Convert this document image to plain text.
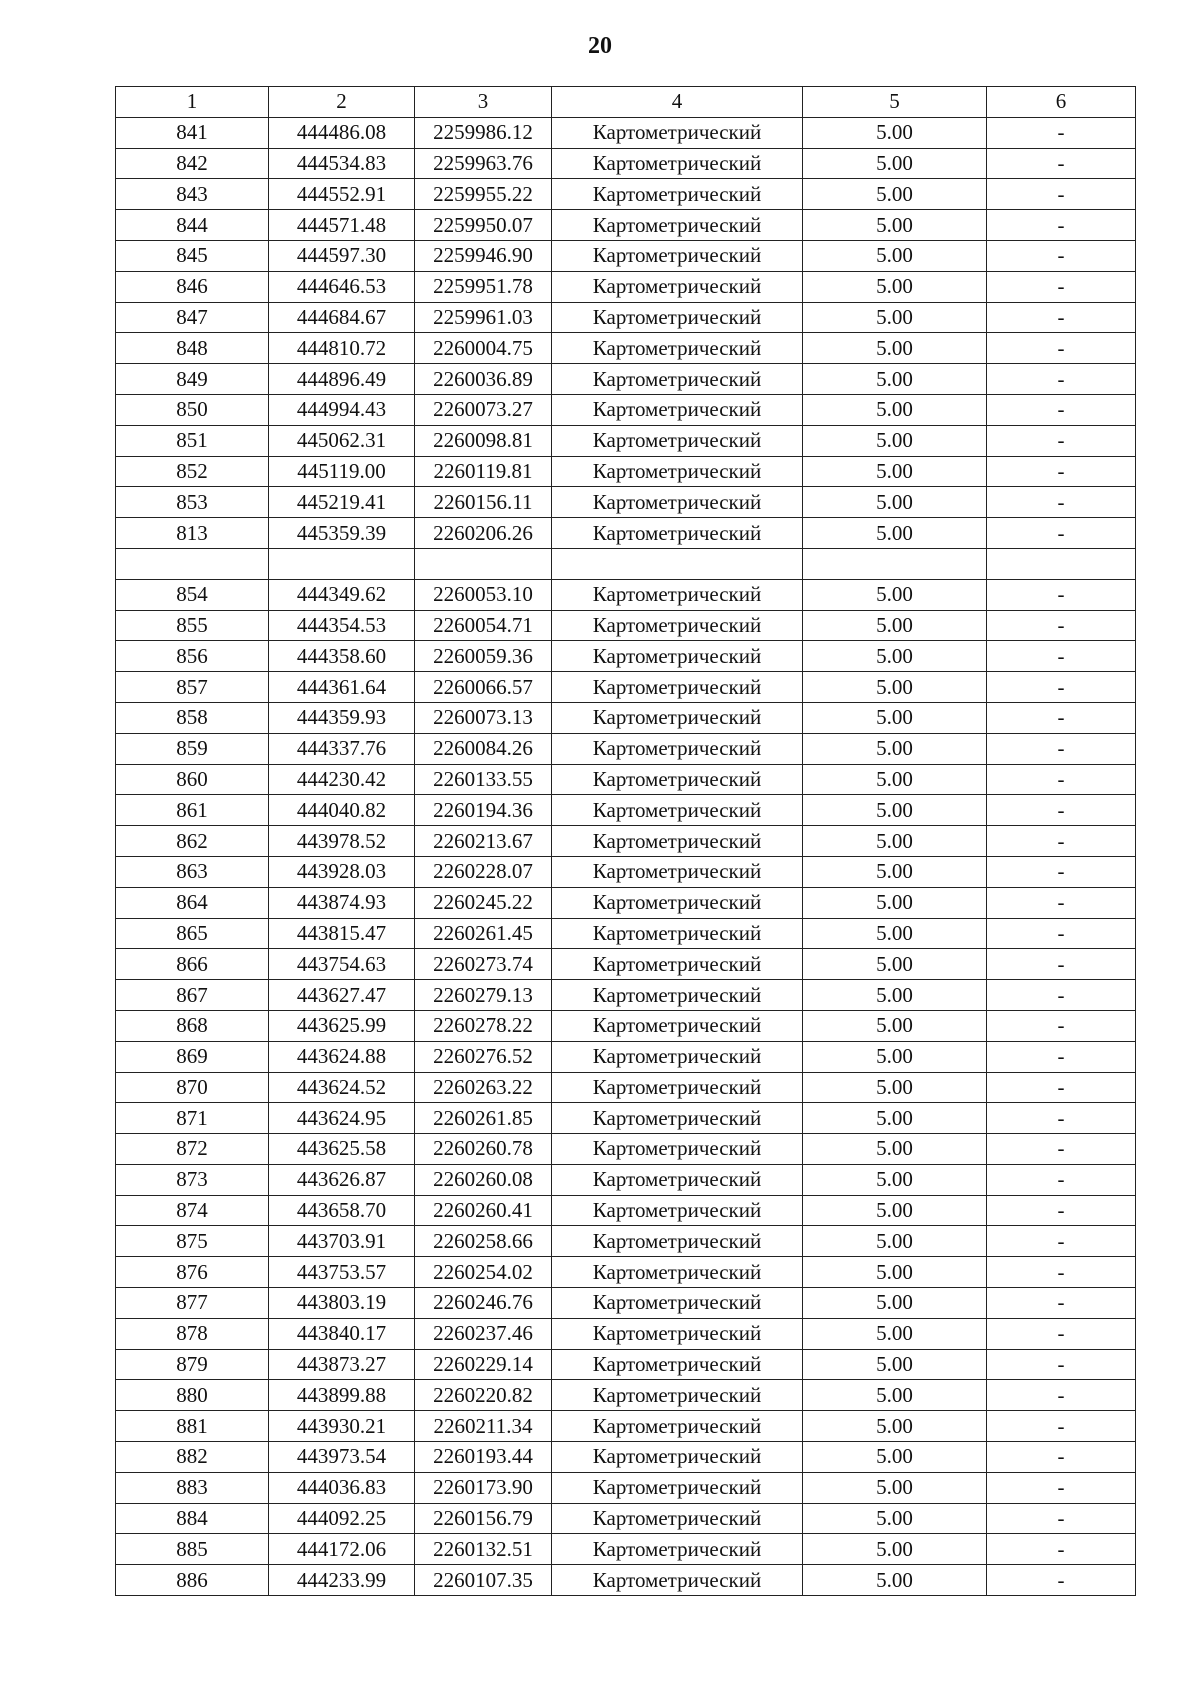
20
1	2	3	4	5	6
841	444486.08	2259986.12	Картометрический	5.00	-
842	444534.83	2259963.76	Картометрический	5.00	-
843	444552.91	2259955.22	Картометрический	5.00	-
844	444571.48	2259950.07	Картометрический	5.00	-
845	444597.30	2259946.90	Картометрический	5.00	-
846	444646.53	2259951.78	Картометрический	5.00	-
847	444684.67	2259961.03	Картометрический	5.00	-
848	444810.72	2260004.75	Картометрический	5.00	-
849	444896.49	2260036.89	Картометрический	5.00	-
850	444994.43	2260073.27	Картометрический	5.00	-
851	445062.31	2260098.81	Картометрический	5.00	-
852	445119.00	2260119.81	Картометрический	5.00	-
853	445219.41	2260156.11	Картометрический	5.00	-
813	445359.39	2260206.26	Картометрический	5.00	-

854	444349.62	2260053.10	Картометрический	5.00	-
855	444354.53	2260054.71	Картометрический	5.00	-
856	444358.60	2260059.36	Картометрический	5.00	-
857	444361.64	2260066.57	Картометрический	5.00	-
858	444359.93	2260073.13	Картометрический	5.00	-
859	444337.76	2260084.26	Картометрический	5.00	-
860	444230.42	2260133.55	Картометрический	5.00	-
861	444040.82	2260194.36	Картометрический	5.00	-
862	443978.52	2260213.67	Картометрический	5.00	-
863	443928.03	2260228.07	Картометрический	5.00	-
864	443874.93	2260245.22	Картометрический	5.00	-
865	443815.47	2260261.45	Картометрический	5.00	-
866	443754.63	2260273.74	Картометрический	5.00	-
867	443627.47	2260279.13	Картометрический	5.00	-
868	443625.99	2260278.22	Картометрический	5.00	-
869	443624.88	2260276.52	Картометрический	5.00	-
870	443624.52	2260263.22	Картометрический	5.00	-
871	443624.95	2260261.85	Картометрический	5.00	-
872	443625.58	2260260.78	Картометрический	5.00	-
873	443626.87	2260260.08	Картометрический	5.00	-
874	443658.70	2260260.41	Картометрический	5.00	-
875	443703.91	2260258.66	Картометрический	5.00	-
876	443753.57	2260254.02	Картометрический	5.00	-
877	443803.19	2260246.76	Картометрический	5.00	-
878	443840.17	2260237.46	Картометрический	5.00	-
879	443873.27	2260229.14	Картометрический	5.00	-
880	443899.88	2260220.82	Картометрический	5.00	-
881	443930.21	2260211.34	Картометрический	5.00	-
882	443973.54	2260193.44	Картометрический	5.00	-
883	444036.83	2260173.90	Картометрический	5.00	-
884	444092.25	2260156.79	Картометрический	5.00	-
885	444172.06	2260132.51	Картометрический	5.00	-
886	444233.99	2260107.35	Картометрический	5.00	-
